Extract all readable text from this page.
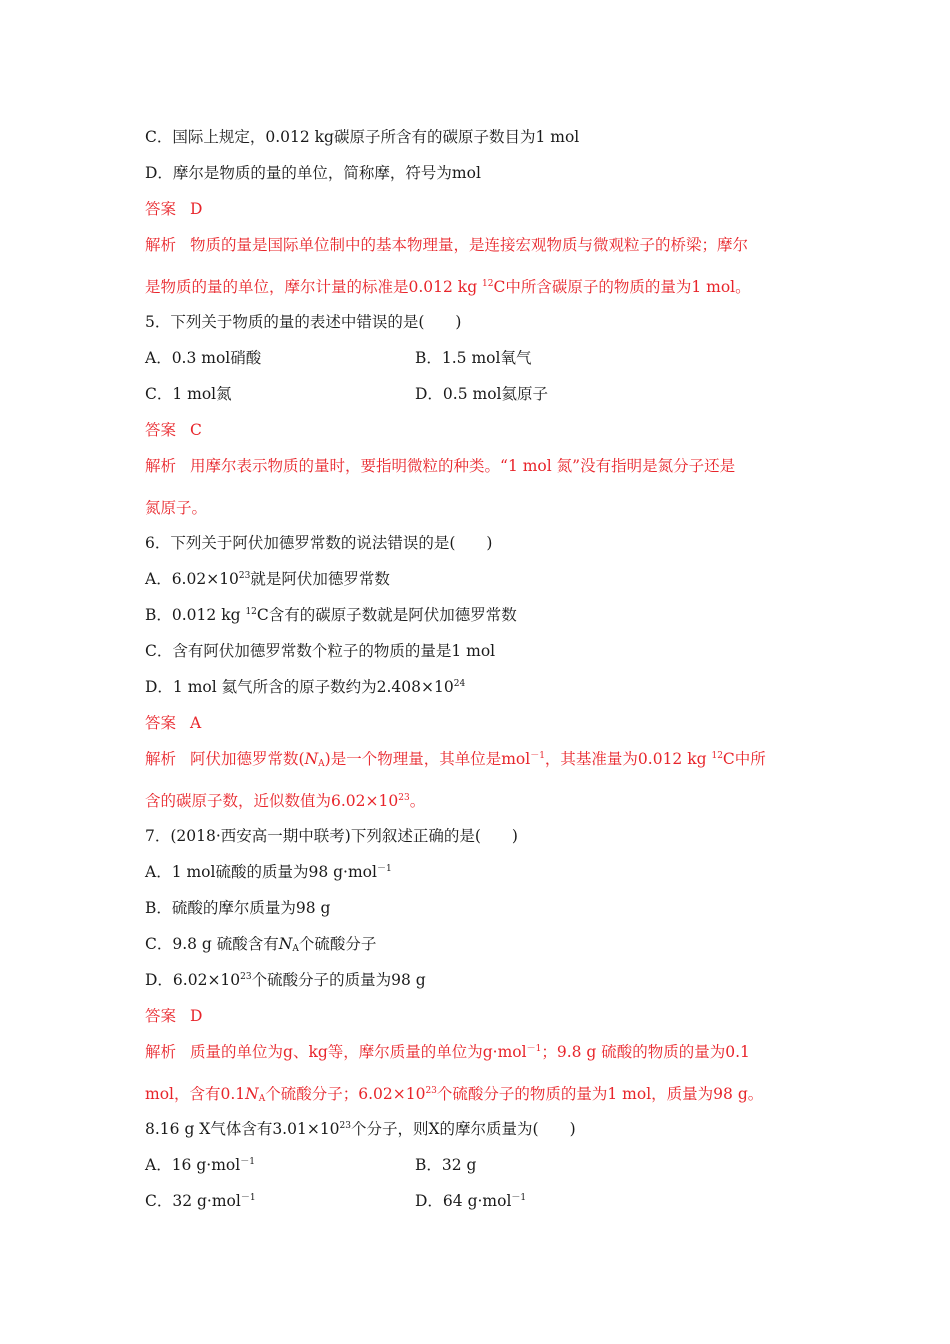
C．国际上规定，0.012 kg碳原子所含有的碳原子数目为1 mol
D．摩尔是物质的量的单位，简称摩，符号为mol
答案 D
解析 物质的量是国际单位制中的基本物理量，是连接宏观物质与微观粒子的桥梁；摩尔
是物质的量的单位，摩尔计量的标准是0.012 kg $^{12}$C中所含碳原子的物质的量为1 mol。
5．下列关于物质的量的表述中错误的是(　　)
A．0.3 mol硝酸	B．1.5 mol氧气
C．1 mol氮	D．0.5 mol氦原子
答案 C
解析 用摩尔表示物质的量时，要指明微粒的种类。“1 mol 氮”没有指明是氮分子还是
氮原子。
6．下列关于阿伏加德罗常数的说法错误的是(　　)
A．$6.02\times 10^{23}$就是阿伏加德罗常数
B．0.012 kg $^{12}$C含有的碳原子数就是阿伏加德罗常数
C．含有阿伏加德罗常数个粒子的物质的量是1 mol
D．1 mol 氦气所含的原子数约为$2.408\times 10^{24}$
答案 A
解析 阿伏加德罗常数$(N_A)$是一个物理量，其单位是mol$^{-1}$，其基准量为0.012 kg $^{12}$C中所
含的碳原子数，近似数值为$6.02\times 10^{23}$。
7．(2018·西安高一期中联考)下列叙述正确的是(　　)
A．1 mol硫酸的质量为98 g·mol$^{-1}$
B．硫酸的摩尔质量为98 g
C．9.8 g 硫酸含有$N_A$个硫酸分子
D．$6.02\times 10^{23}$个硫酸分子的质量为98 g
答案 D
解析 质量的单位为g、kg等，摩尔质量的单位为g·mol$^{-1}$；9.8 g 硫酸的物质的量为0.1
mol，含有$0.1N_A$个硫酸分子；$6.02\times 10^{23}$个硫酸分子的物质的量为1 mol，质量为98 g。
8.16 g X气体含有$3.01\times 10^{23}$个分子，则X的摩尔质量为(　　)
A．16 g·mol$^{-1}$	B．32 g
C．32 g·mol$^{-1}$	D．64 g·mol$^{-1}$
